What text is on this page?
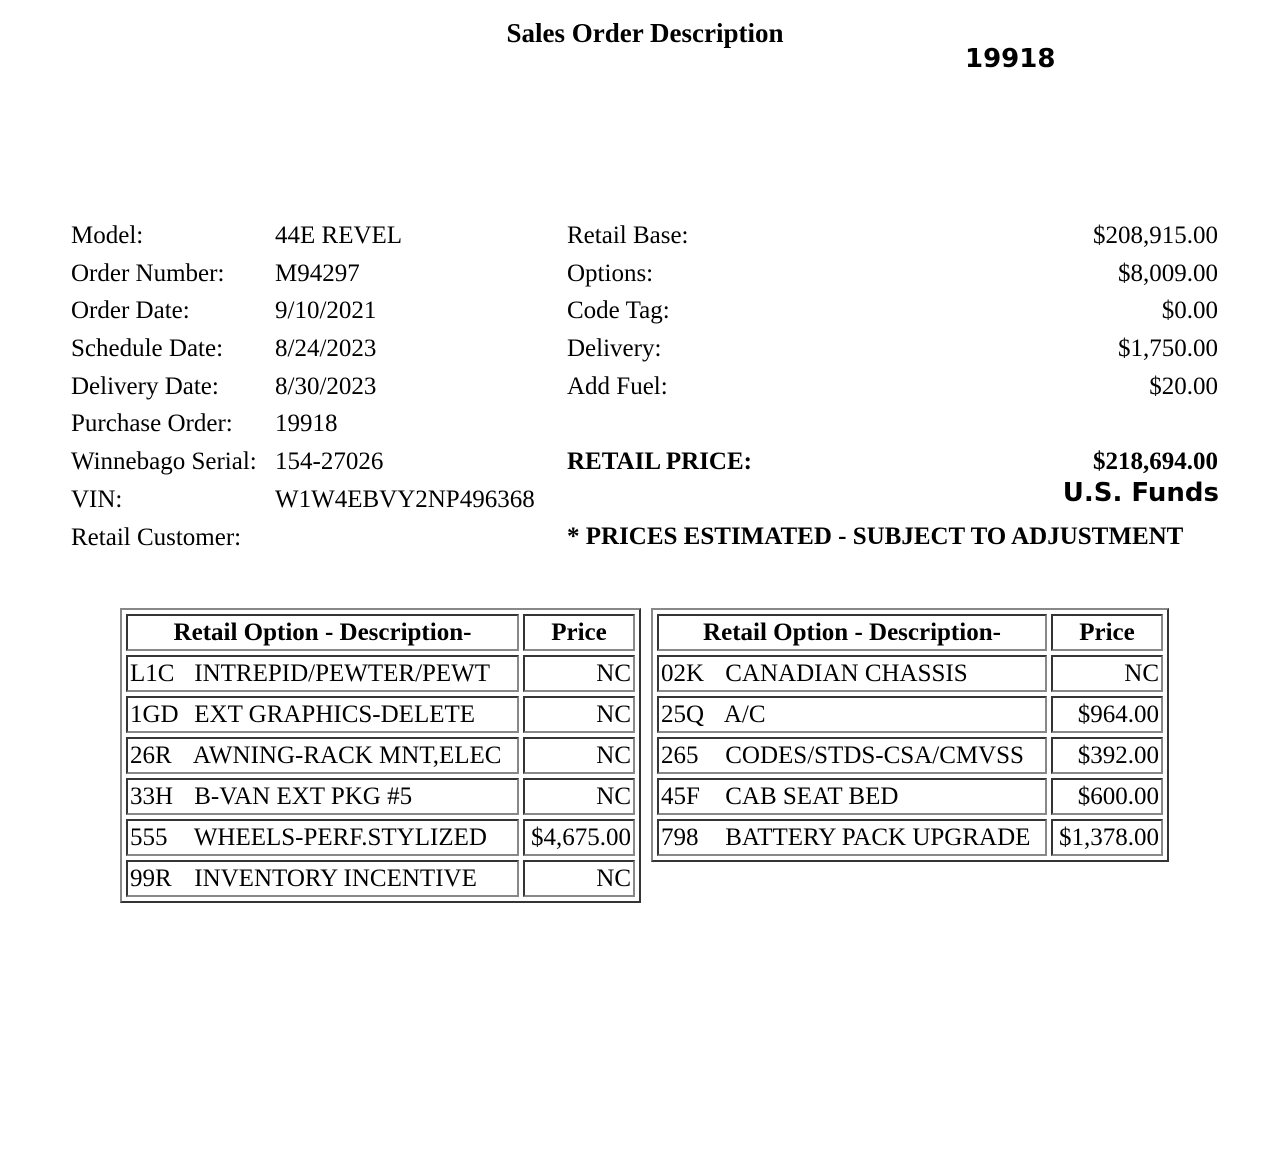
Sales Order Description
19918
Model:	44E REVEL
Order Number: M94297
Order Date:	9/10/2021
Schedule Date: 8/24/2023
Delivery Date: 8/30/2023
Purchase Order: 19918
Winnebago Serial: 154-27026
VIN:	W1W4EBVY2NP496368
Retail Customer:
Retail Base:	$208,915.00
Options:	$8,009.00
Code Tag:	$0.00
Delivery:	$1,750.00
Add Fuel:	$20.00
RETAIL PRICE:	$218,694.00
U.S. Funds
* PRICES ESTIMATED - SUBJECT TO ADJUSTMENT
Retail Option - Description-	Price
L1C INTREPID/PEWTER/PEWT	NC
1GD EXT GRAPHICS-DELETE	NC
26R AWNING-RACK MNT,ELEC	NC
33H B-VAN EXT PKG #5	NC
555 WHEELS-PERF.STYLIZED	$4,675.00
99R INVENTORY INCENTIVE	NC
Retail Option - Description-	Price
02K CANADIAN CHASSIS	NC
25Q A/C	$964.00
265 CODES/STDS-CSA/CMVSS	$392.00
45F CAB SEAT BED	$600.00
798 BATTERY PACK UPGRADE	$1,378.00
